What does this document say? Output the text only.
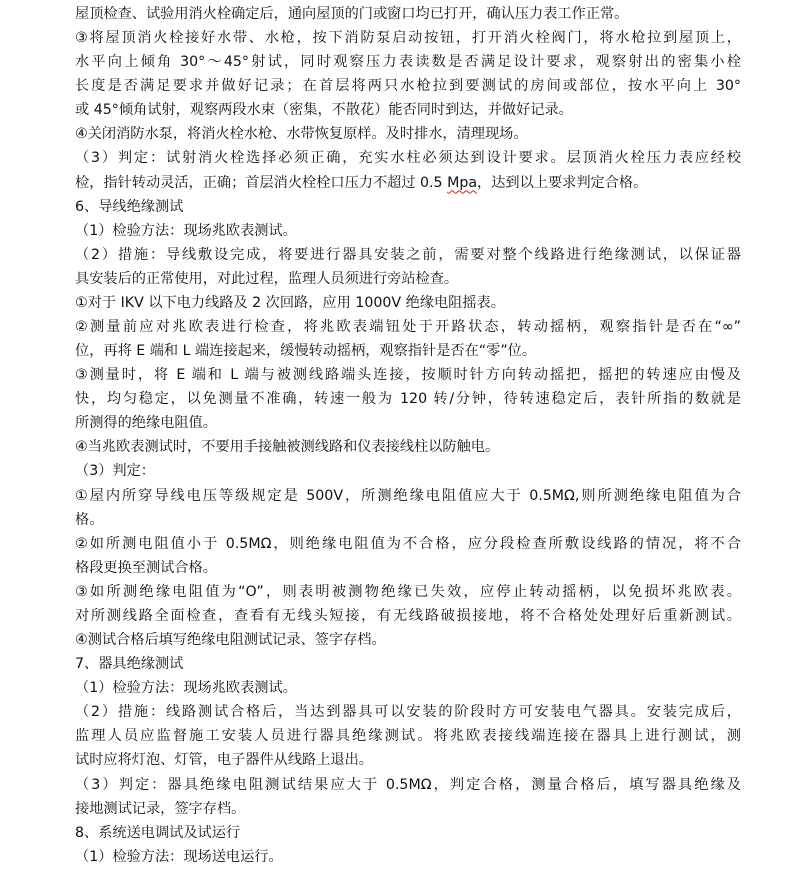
屋顶检查、试验用消火栓确定后，通向屋顶的门或窗口均已打开，确认压力表工作正常。
③将屋顶消火栓接好水带、水枪，按下消防泵启动按钮，打开消火栓阀门，将水枪拉到屋顶上，
水平向上倾角 30°～45°射试，同时观察压力表读数是否满足设计要求，观察射出的密集小栓
长度是否满足要求并做好记录；在首层将两只水枪拉到要测试的房间或部位，按水平向上 30°
或 45°倾角试射，观察两段水束（密集，不散花）能否同时到达，并做好记录。
④关闭消防水泵，将消火栓水枪、水带恢复原样。及时排水，清理现场。
（3）判定：试射消火栓选择必须正确，充实水柱必须达到设计要求。层顶消火栓压力表应经校
检，指针转动灵活，正确；首层消火栓栓口压力不超过 0.5 Mpa，达到以上要求判定合格。
6、导线绝缘测试
（1）检验方法：现场兆欧表测试。
（2）措施：导线敷设完成，将要进行器具安装之前，需要对整个线路进行绝缘测试，以保证器
具安装后的正常使用，对此过程，监理人员须进行旁站检查。
①对于 IKV 以下电力线路及 2 次回路，应用 1000V 绝缘电阻摇表。
②测量前应对兆欧表进行检查，将兆欧表端钮处于开路状态，转动摇柄，观察指针是否在“∞”
位，再将 E 端和 L 端连接起来，缓慢转动摇柄，观察指针是否在“零”位。
③测量时，将 E 端和 L 端与被测线路端头连接，按顺时针方向转动摇把，摇把的转速应由慢及
快，均匀稳定，以免测量不准确，转速一般为 120 转/分钟，待转速稳定后，表针所指的数就是
所测得的绝缘电阻值。
④当兆欧表测试时，不要用手接触被测线路和仪表接线柱以防触电。
（3）判定：
①屋内所穿导线电压等级规定是 500V，所测绝缘电阻值应大于 0.5MΩ,则所测绝缘电阻值为合
格。
②如所测电阻值小于 0.5MΩ，则绝缘电阻值为不合格，应分段检查所敷设线路的情况，将不合
格段更换至测试合格。
③如所测绝缘电阻值为“O”，则表明被测物绝缘已失效，应停止转动摇柄，以免损坏兆欧表。
对所测线路全面检查，查看有无线头短接，有无线路破损接地，将不合格处处理好后重新测试。
④测试合格后填写绝缘电阻测试记录、签字存档。
7、器具绝缘测试
（1）检验方法：现场兆欧表测试。
（2）措施：线路测试合格后，当达到器具可以安装的阶段时方可安装电气器具。安装完成后，
监理人员应监督施工安装人员进行器具绝缘测试。将兆欧表接线端连接在器具上进行测试，测
试时应将灯泡、灯管，电子器件从线路上退出。
（3）判定：器具绝缘电阻测试结果应大于 0.5MΩ，判定合格，测量合格后，填写器具绝缘及
接地测试记录，签字存档。
8、系统送电调试及试运行
（1）检验方法：现场送电运行。
